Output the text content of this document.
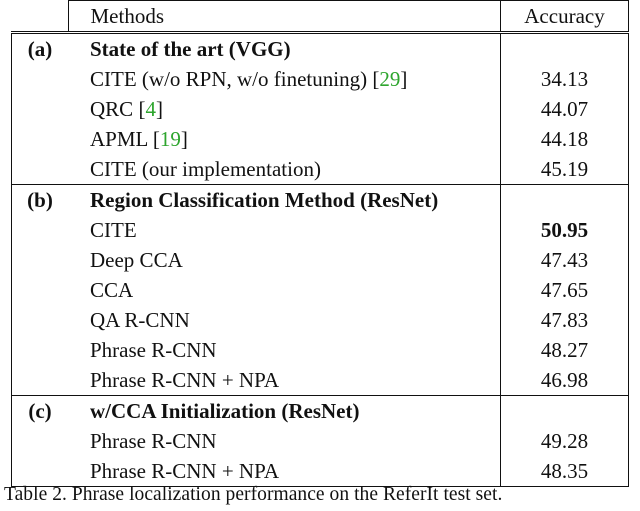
	Methods	Accuracy
(a)	State of the art (VGG)	
	CITE (w/o RPN, w/o finetuning) [29]	34.13
	QRC [4]	44.07
	APML [19]	44.18
	CITE (our implementation)	45.19
(b)	Region Classification Method (ResNet)	
	CITE	50.95
	Deep CCA	47.43
	CCA	47.65
	QA R-CNN	47.83
	Phrase R-CNN	48.27
	Phrase R-CNN + NPA	46.98
(c)	w/CCA Initialization (ResNet)	
	Phrase R-CNN	49.28
	Phrase R-CNN + NPA	48.35
Table 2. Phrase localization performance on the ReferIt test set.
